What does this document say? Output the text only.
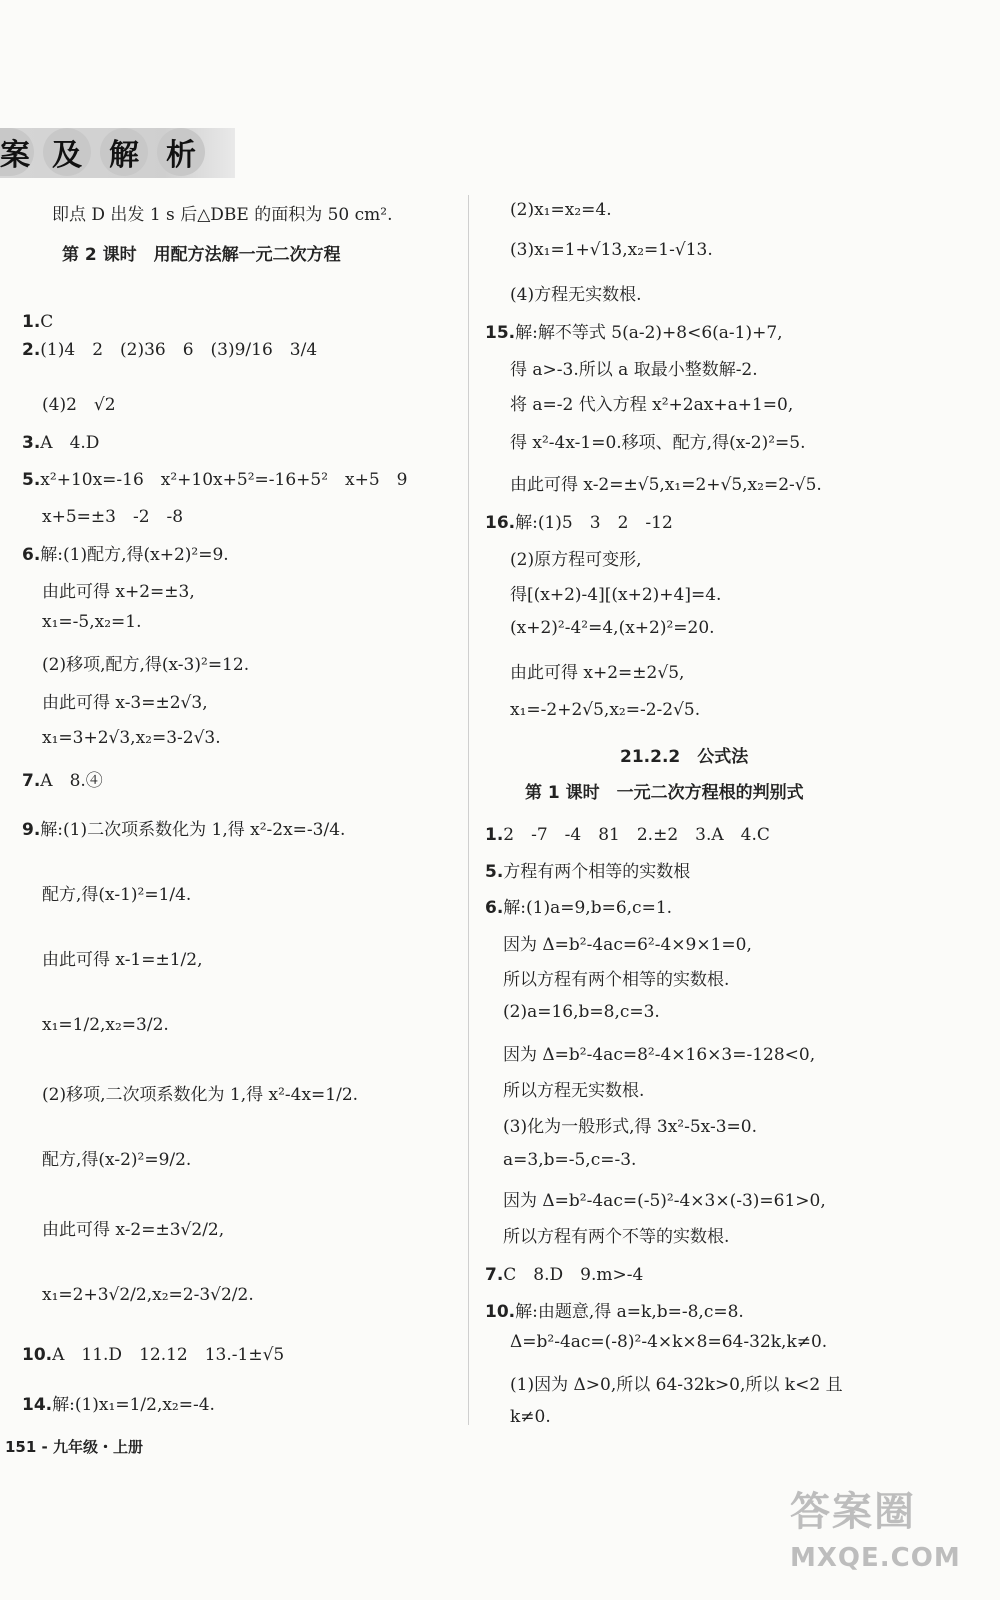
案 及 解 析
即点 D 出发 1 s 后△DBE 的面积为 50 cm².
第 2 课时　用配方法解一元二次方程
1.C
2.(1)4　2　(2)36　6　(3)9/16　3/4
(4)2　√2
3.A　4.D
5.x²+10x=-16　x²+10x+5²=-16+5²　x+5　9
x+5=±3　-2　-8
6.解:(1)配方,得(x+2)²=9.
由此可得 x+2=±3,
x₁=-5,x₂=1.
(2)移项,配方,得(x-3)²=12.
由此可得 x-3=±2√3,
x₁=3+2√3,x₂=3-2√3.
7.A　8.④
9.解:(1)二次项系数化为 1,得 x²-2x=-3/4.
配方,得(x-1)²=1/4.
由此可得 x-1=±1/2,
x₁=1/2,x₂=3/2.
(2)移项,二次项系数化为 1,得 x²-4x=1/2.
配方,得(x-2)²=9/2.
由此可得 x-2=±3√2/2,
x₁=2+3√2/2,x₂=2-3√2/2.
10.A　11.D　12.12　13.-1±√5
14.解:(1)x₁=1/2,x₂=-4.
(2)x₁=x₂=4.
(3)x₁=1+√13,x₂=1-√13.
(4)方程无实数根.
15.解:解不等式 5(a-2)+8<6(a-1)+7,
得 a>-3.所以 a 取最小整数解-2.
将 a=-2 代入方程 x²+2ax+a+1=0,
得 x²-4x-1=0.移项、配方,得(x-2)²=5.
由此可得 x-2=±√5,x₁=2+√5,x₂=2-√5.
16.解:(1)5　3　2　-12
(2)原方程可变形,
得[(x+2)-4][(x+2)+4]=4.
(x+2)²-4²=4,(x+2)²=20.
由此可得 x+2=±2√5,
x₁=-2+2√5,x₂=-2-2√5.
21.2.2　公式法
第 1 课时　一元二次方程根的判别式
1.2　-7　-4　81　2.±2　3.A　4.C
5.方程有两个相等的实数根
6.解:(1)a=9,b=6,c=1.
因为 Δ=b²-4ac=6²-4×9×1=0,
所以方程有两个相等的实数根.
(2)a=16,b=8,c=3.
因为 Δ=b²-4ac=8²-4×16×3=-128<0,
所以方程无实数根.
(3)化为一般形式,得 3x²-5x-3=0.
a=3,b=-5,c=-3.
因为 Δ=b²-4ac=(-5)²-4×3×(-3)=61>0,
所以方程有两个不等的实数根.
7.C　8.D　9.m>-4
10.解:由题意,得 a=k,b=-8,c=8.
Δ=b²-4ac=(-8)²-4×k×8=64-32k,k≠0.
(1)因为 Δ>0,所以 64-32k>0,所以 k<2 且
k≠0.
151 - 九年级・上册
答案圈
MXQE.COM
